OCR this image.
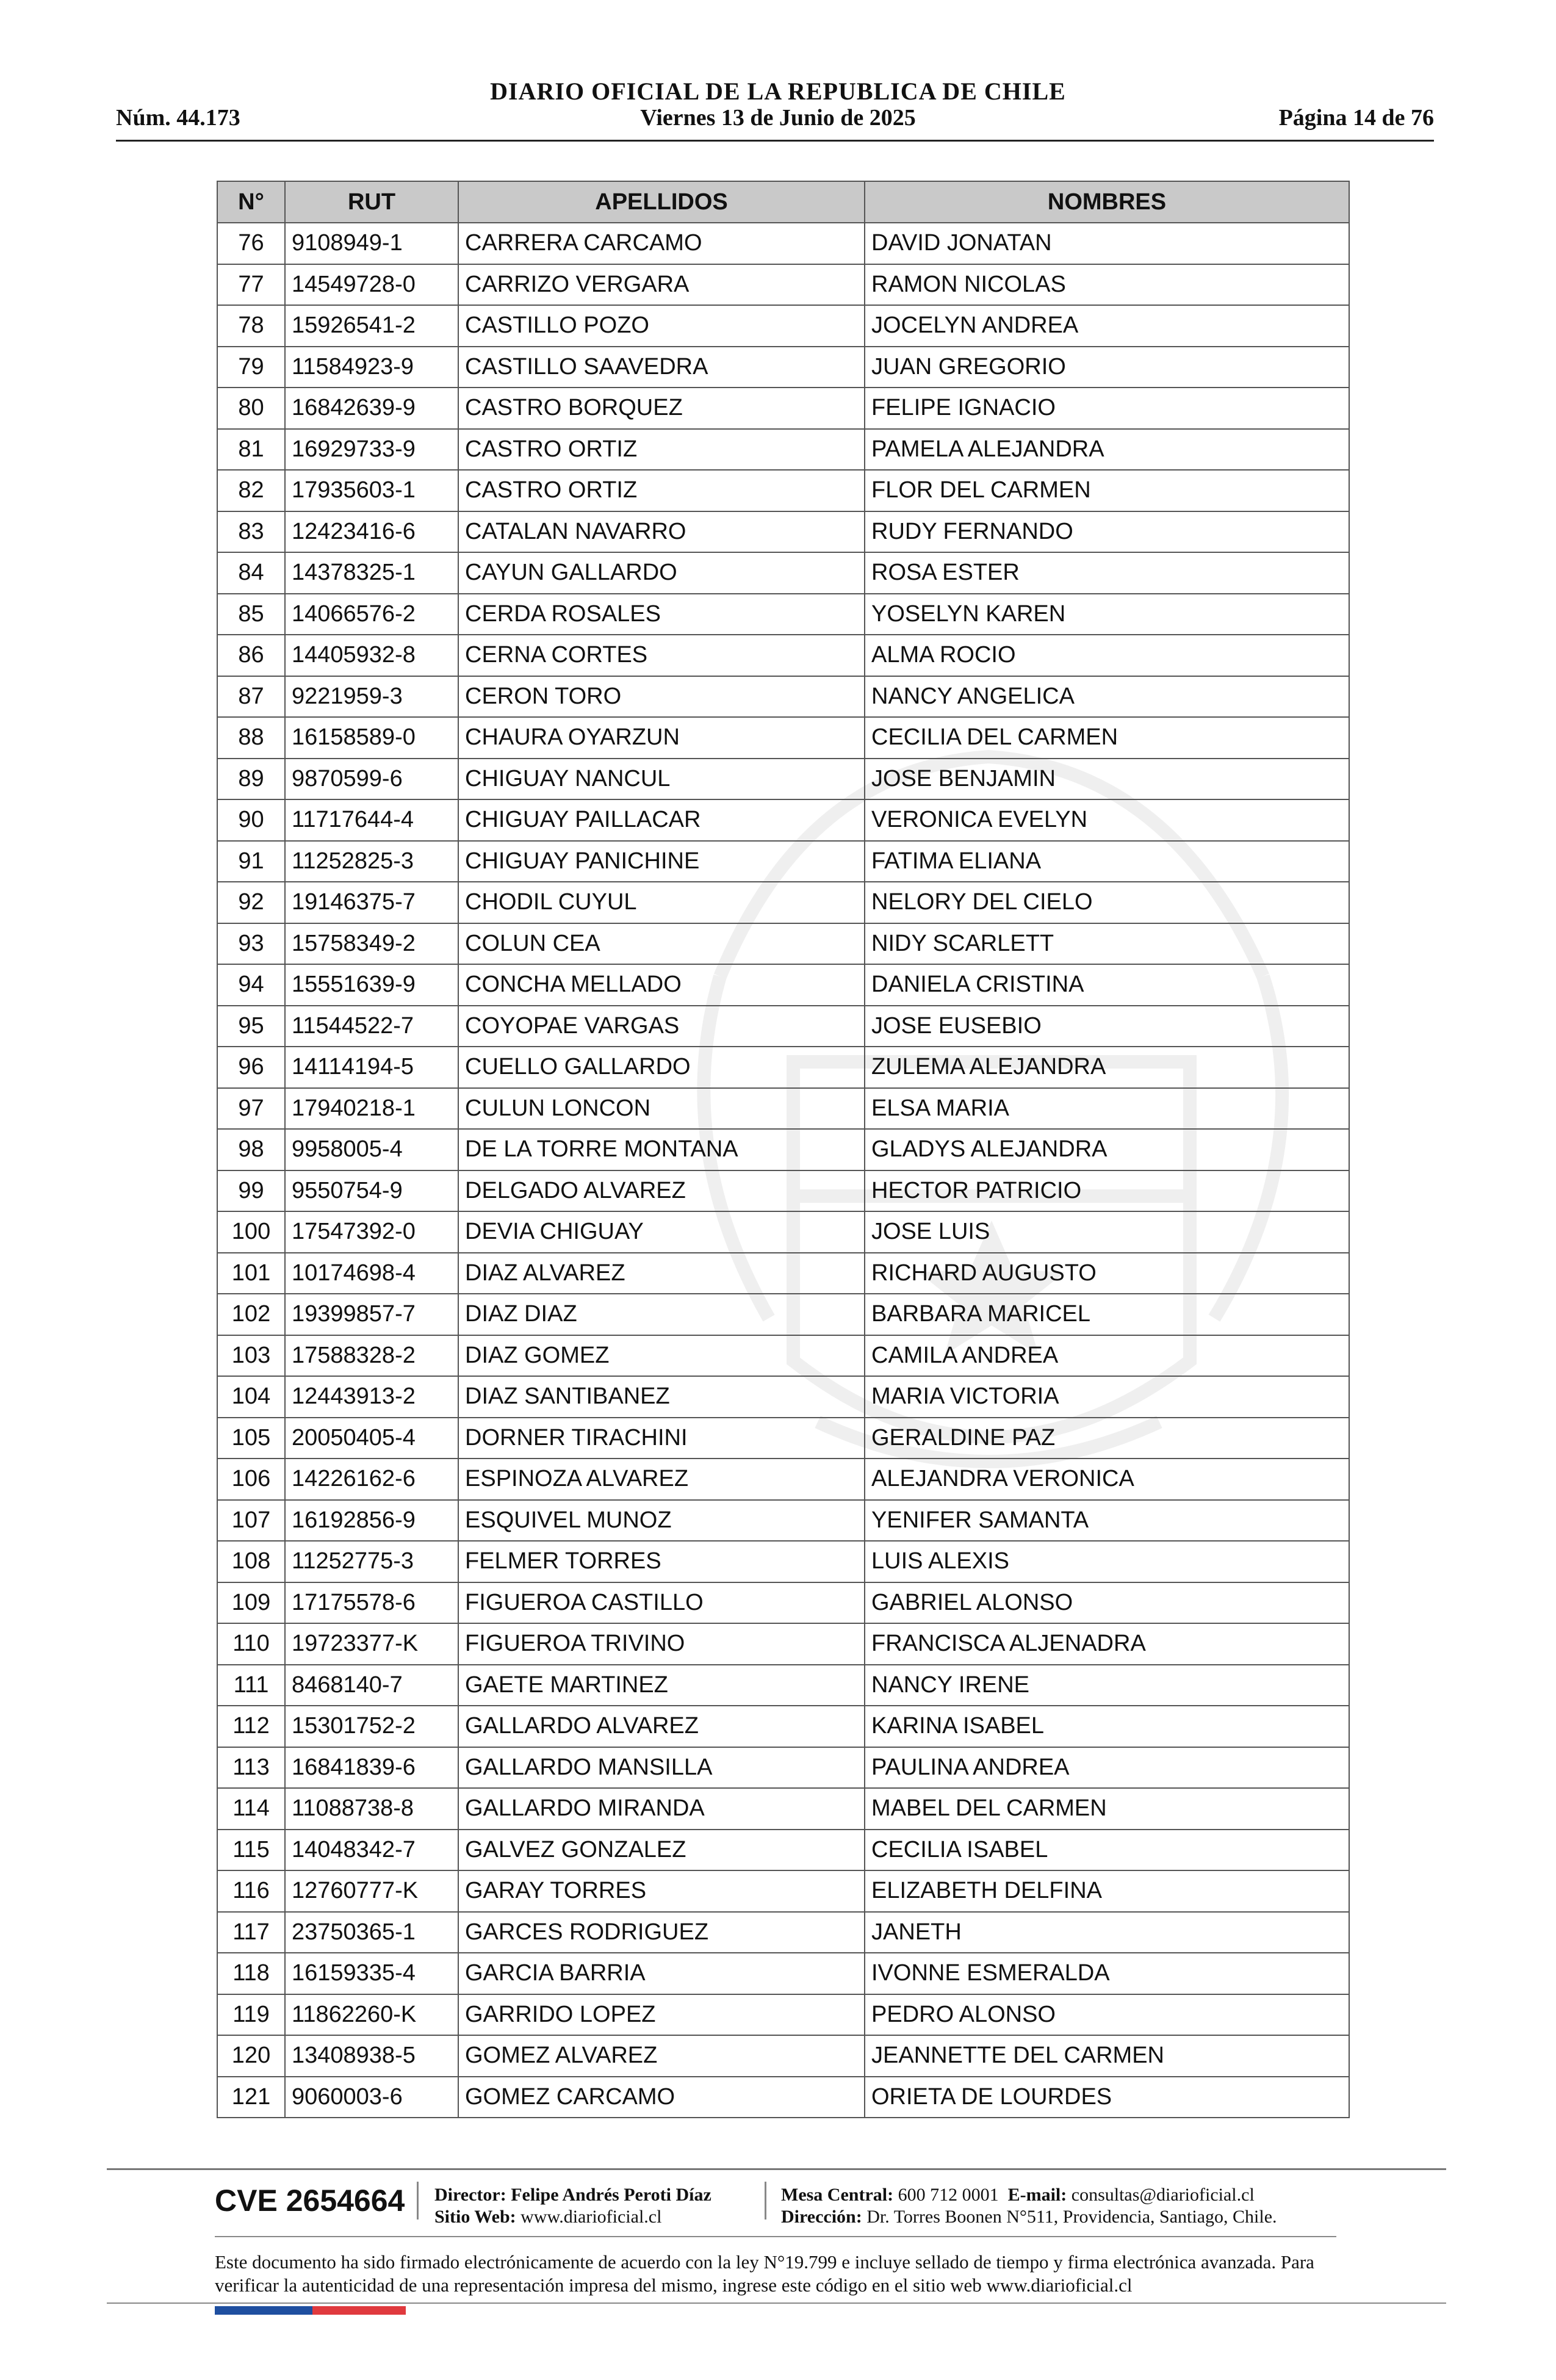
DIARIO OFICIAL DE LA REPUBLICA DE CHILE
Núm. 44.173	Viernes 13 de Junio de 2025	Página 14 de 76
N°	RUT	APELLIDOS	NOMBRES
76	9108949-1	CARRERA CARCAMO	DAVID JONATAN
77	14549728-0	CARRIZO VERGARA	RAMON NICOLAS
78	15926541-2	CASTILLO POZO	JOCELYN ANDREA
79	11584923-9	CASTILLO SAAVEDRA	JUAN GREGORIO
80	16842639-9	CASTRO BORQUEZ	FELIPE IGNACIO
81	16929733-9	CASTRO ORTIZ	PAMELA ALEJANDRA
82	17935603-1	CASTRO ORTIZ	FLOR DEL CARMEN
83	12423416-6	CATALAN NAVARRO	RUDY FERNANDO
84	14378325-1	CAYUN GALLARDO	ROSA ESTER
85	14066576-2	CERDA ROSALES	YOSELYN KAREN
86	14405932-8	CERNA CORTES	ALMA ROCIO
87	9221959-3	CERON TORO	NANCY ANGELICA
88	16158589-0	CHAURA OYARZUN	CECILIA DEL CARMEN
89	9870599-6	CHIGUAY NANCUL	JOSE BENJAMIN
90	11717644-4	CHIGUAY PAILLACAR	VERONICA EVELYN
91	11252825-3	CHIGUAY PANICHINE	FATIMA ELIANA
92	19146375-7	CHODIL CUYUL	NELORY DEL CIELO
93	15758349-2	COLUN CEA	NIDY SCARLETT
94	15551639-9	CONCHA MELLADO	DANIELA CRISTINA
95	11544522-7	COYOPAE VARGAS	JOSE EUSEBIO
96	14114194-5	CUELLO GALLARDO	ZULEMA ALEJANDRA
97	17940218-1	CULUN LONCON	ELSA MARIA
98	9958005-4	DE LA TORRE MONTANA	GLADYS ALEJANDRA
99	9550754-9	DELGADO ALVAREZ	HECTOR PATRICIO
100	17547392-0	DEVIA CHIGUAY	JOSE LUIS
101	10174698-4	DIAZ ALVAREZ	RICHARD AUGUSTO
102	19399857-7	DIAZ DIAZ	BARBARA MARICEL
103	17588328-2	DIAZ GOMEZ	CAMILA ANDREA
104	12443913-2	DIAZ SANTIBANEZ	MARIA VICTORIA
105	20050405-4	DORNER TIRACHINI	GERALDINE PAZ
106	14226162-6	ESPINOZA ALVAREZ	ALEJANDRA VERONICA
107	16192856-9	ESQUIVEL MUNOZ	YENIFER SAMANTA
108	11252775-3	FELMER TORRES	LUIS ALEXIS
109	17175578-6	FIGUEROA CASTILLO	GABRIEL ALONSO
110	19723377-K	FIGUEROA TRIVINO	FRANCISCA ALJENADRA
111	8468140-7	GAETE MARTINEZ	NANCY IRENE
112	15301752-2	GALLARDO ALVAREZ	KARINA ISABEL
113	16841839-6	GALLARDO MANSILLA	PAULINA ANDREA
114	11088738-8	GALLARDO MIRANDA	MABEL DEL CARMEN
115	14048342-7	GALVEZ GONZALEZ	CECILIA ISABEL
116	12760777-K	GARAY TORRES	ELIZABETH DELFINA
117	23750365-1	GARCES RODRIGUEZ	JANETH
118	16159335-4	GARCIA BARRIA	IVONNE ESMERALDA
119	11862260-K	GARRIDO LOPEZ	PEDRO ALONSO
120	13408938-5	GOMEZ ALVAREZ	JEANNETTE DEL CARMEN
121	9060003-6	GOMEZ CARCAMO	ORIETA DE LOURDES
CVE 2654664 Director: Felipe Andrés Peroti Díaz
Sitio Web: www.diarioficial.cl
Mesa Central: 600 712 0001 E-mail: consultas@diarioficial.cl
Dirección: Dr. Torres Boonen N°511, Providencia, Santiago, Chile.
Este documento ha sido firmado electrónicamente de acuerdo con la ley N°19.799 e incluye sellado de tiempo y firma electrónica avanzada. Para verificar la autenticidad de una representación impresa del mismo, ingrese este código en el sitio web www.diarioficial.cl
